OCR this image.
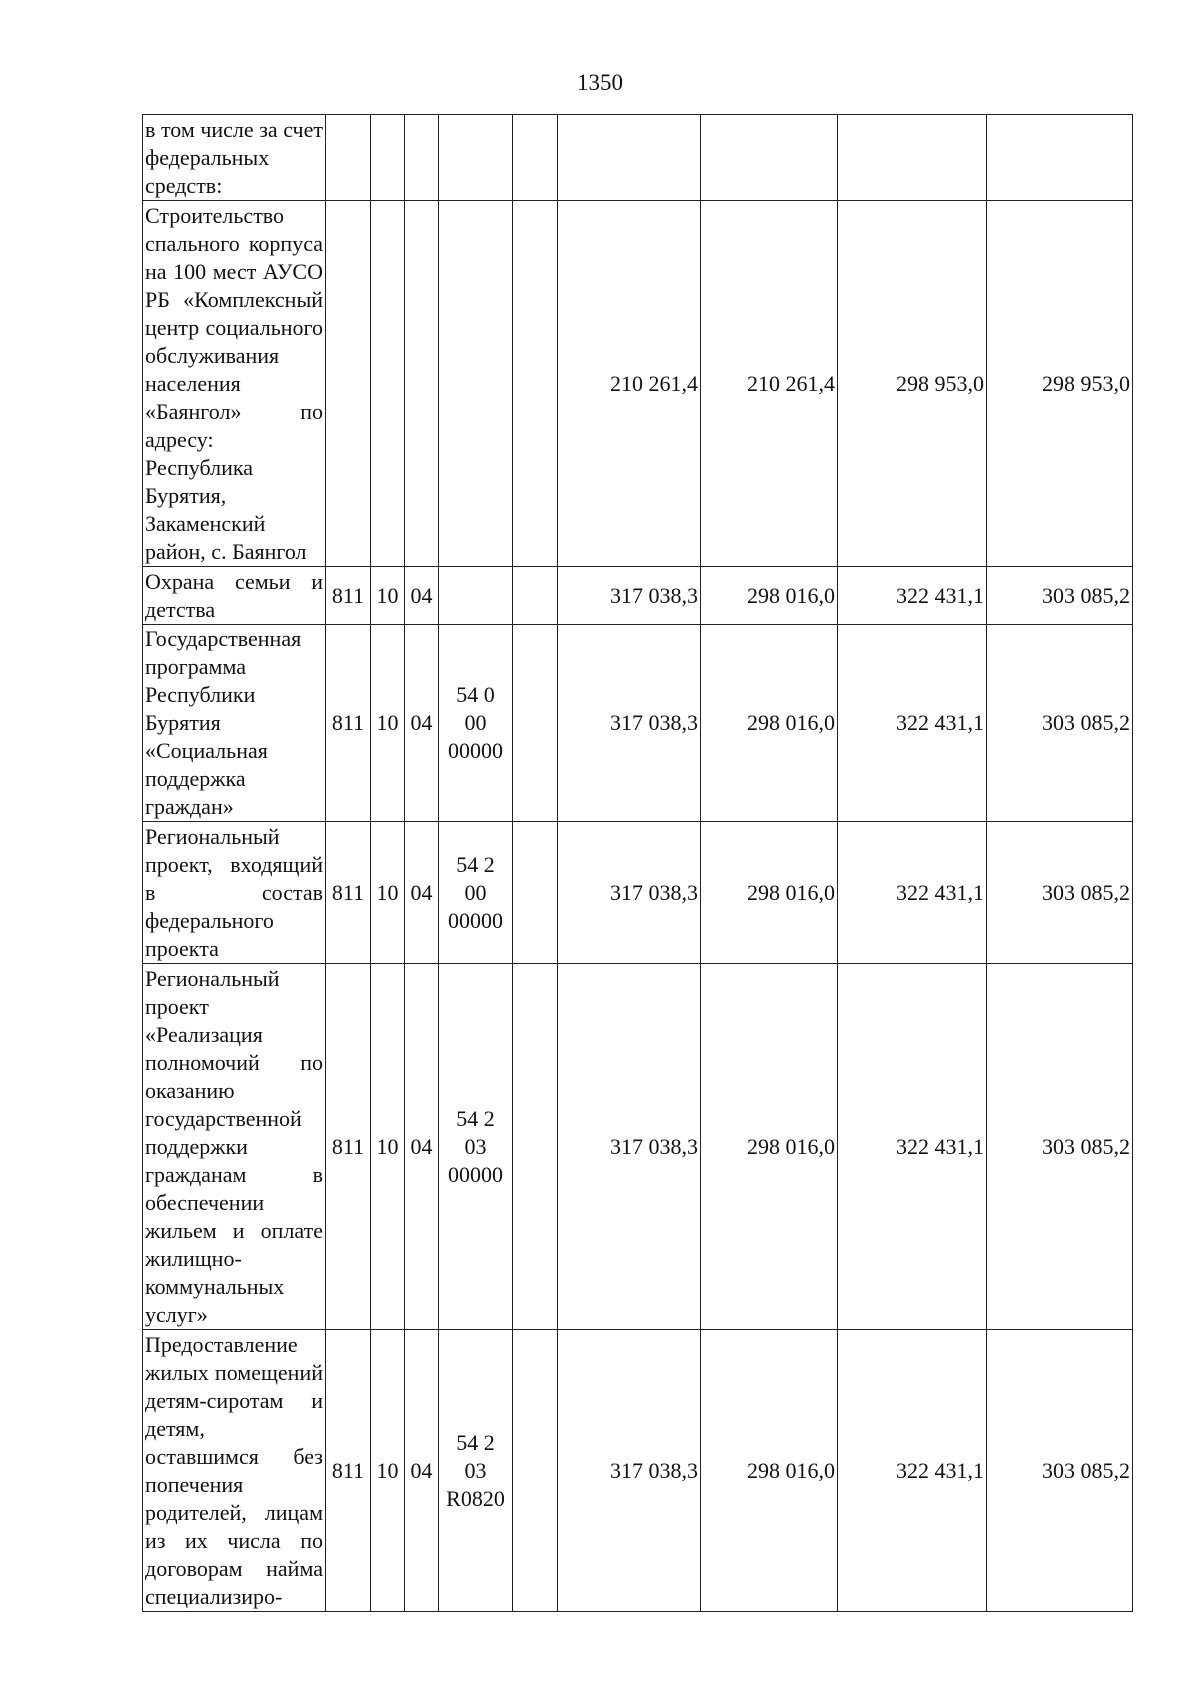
1350
в том числе за счет федеральных средств:				

Строительство спального корпуса на 100 мест АУСО РБ «Комплексный центр социального обслуживания населения «Баянгол» по адресу: Республика Бурятия, Закаменский район, с. Баянгол						210 261,4	210 261,4	298 953,0	298 953,0
Охрана семьи и детства	811	10	04			317 038,3	298 016,0	322 431,1	303 085,2
Государственная программа Республики Бурятия «Социальная поддержка граждан»	811	10	04	54 0
00
00000		317 038,3	298 016,0	322 431,1	303 085,2
Региональный проект, входящий в состав федерального проекта	811	10	04	54 2
00
00000		317 038,3	298 016,0	322 431,1	303 085,2
Региональный проект «Реализация полномочий по оказанию государственной поддержки гражданам в обеспечении жильем и оплате жилищно-коммунальных услуг»	811	10	04	54 2
03
00000		317 038,3	298 016,0	322 431,1	303 085,2
Предоставление жилых помещений детям-сиротам и детям, оставшимся без попечения родителей, лицам из их числа по договорам найма специализиро-	811	10	04	54 2
03
R0820		317 038,3	298 016,0	322 431,1	303 085,2
